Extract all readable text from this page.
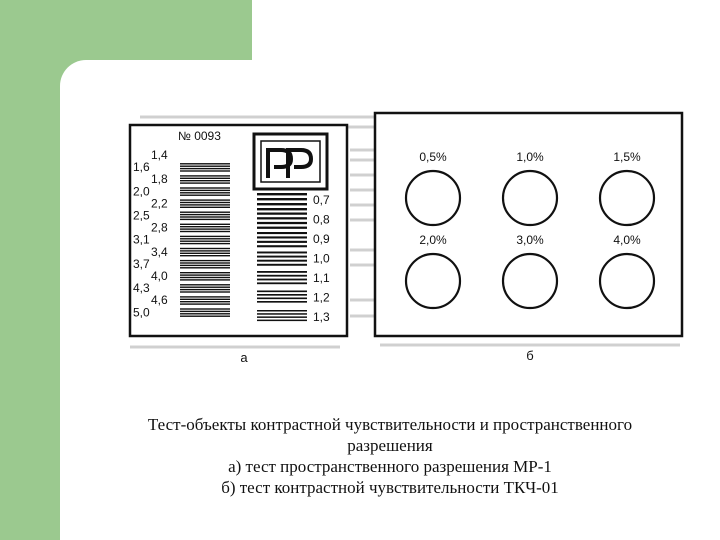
№ 0093
1,4
1,6
1,8
2,0
2,2
2,5
2,8
3,1
3,4
3,7
4,0
4,3
4,6
5,0
0,7
0,8
0,9
1,0
1,1
1,2
1,3
а
0,5%	1,0%	1,5%
2,0%	3,0%	4,0%
б
Тест-объекты контрастной чувствительности и пространственного
разрешения
а) тест пространственного разрешения МР-1
б) тест контрастной чувствительности ТКЧ-01
